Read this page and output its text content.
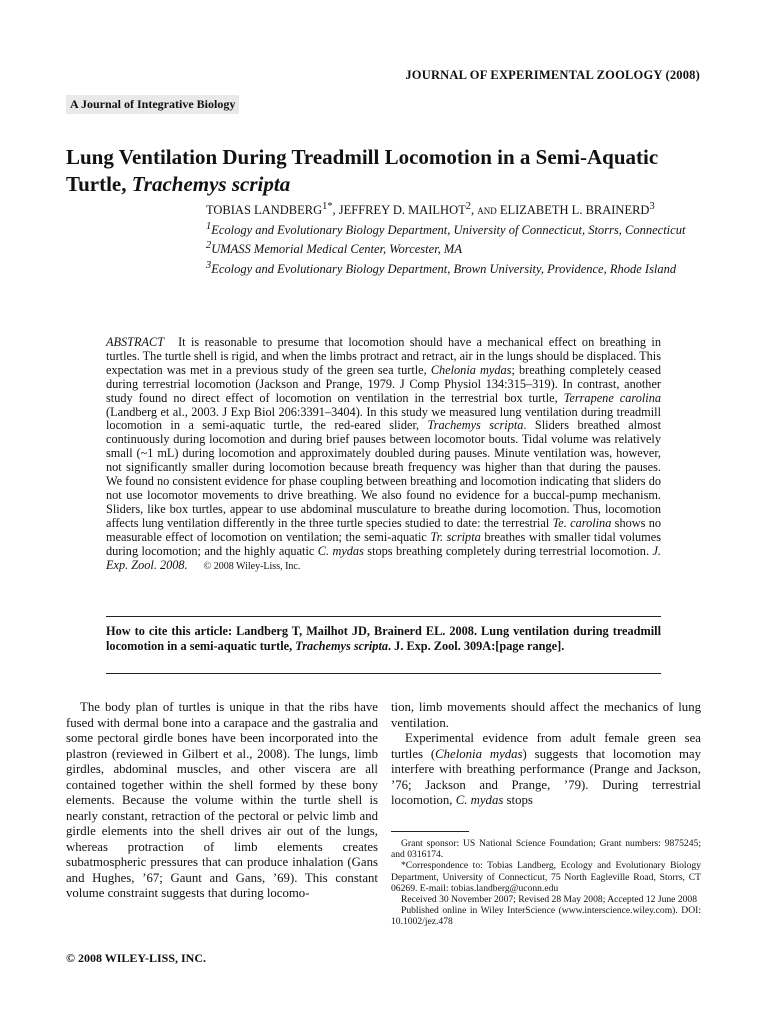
JOURNAL OF EXPERIMENTAL ZOOLOGY (2008)
A Journal of Integrative Biology
Lung Ventilation During Treadmill Locomotion in a Semi-Aquatic Turtle, Trachemys scripta
TOBIAS $LANDBERG^{1*}$, JEFFREY D. MAILHOT$^2$, and ELIZABETH L. BRAINERD$^3$
$^1$Ecology and Evolutionary Biology Department, University of Connecticut, Storrs, Connecticut
$^2$UMASS Memorial Medical Center, Worcester, MA
$^3$Ecology and Evolutionary Biology Department, Brown University, Providence, Rhode Island
ABSTRACT It is reasonable to presume that locomotion should have a mechanical effect on breathing in turtles. The turtle shell is rigid, and when the limbs protract and retract, air in the lungs should be displaced. This expectation was met in a previous study of the green sea turtle, Chelonia mydas; breathing completely ceased during terrestrial locomotion (Jackson and Prange, 1979. J Comp Physiol 134:315–319). In contrast, another study found no direct effect of locomotion on ventilation in the terrestrial box turtle, Terrapene carolina (Landberg et al., 2003. J Exp Biol 206:3391–3404). In this study we measured lung ventilation during treadmill locomotion in a semi-aquatic turtle, the red-eared slider, Trachemys scripta. Sliders breathed almost continuously during locomotion and during brief pauses between locomotor bouts. Tidal volume was relatively small (~1 mL) during locomotion and approximately doubled during pauses. Minute ventilation was, however, not significantly smaller during locomotion because breath frequency was higher than that during the pauses. We found no consistent evidence for phase coupling between breathing and locomotion indicating that sliders do not use locomotor movements to drive breathing. We also found no evidence for a buccal-pump mechanism. Sliders, like box turtles, appear to use abdominal musculature to breathe during locomotion. Thus, locomotion affects lung ventilation differently in the three turtle species studied to date: the terrestrial Te. carolina shows no measurable effect of locomotion on ventilation; the semi-aquatic Tr. scripta breathes with smaller tidal volumes during locomotion; and the highly aquatic C. mydas stops breathing completely during terrestrial locomotion. J. Exp. Zool. 2008. © 2008 Wiley-Liss, Inc.
How to cite this article: Landberg T, Mailhot JD, Brainerd EL. 2008. Lung ventilation during treadmill locomotion in a semi-aquatic turtle, Trachemys scripta. J. Exp. Zool. 309A:[page range].

The body plan of turtles is unique in that the ribs have fused with dermal bone into a carapace and the gastralia and some pectoral girdle bones have been incorporated into the plastron (reviewed in Gilbert et al., 2008). The lungs, limb girdles, abdominal muscles, and other viscera are all contained together within the shell formed by these bony elements. Because the volume within the turtle shell is nearly constant, retraction of the pectoral or pelvic limb and girdle elements into the shell drives air out of the lungs, whereas protraction of limb elements creates subatmospheric pressures that can produce inhalation (Gans and Hughes, ’67; Gaunt and Gans, ’69). This constant volume constraint suggests that during locomo-

tion, limb movements should affect the mechanics of lung ventilation.

Experimental evidence from adult female green sea turtles (Chelonia mydas) suggests that locomotion may interfere with breathing performance (Prange and Jackson, ’76; Jackson and Prange, ’79). During terrestrial locomotion, C. mydas stops

Grant sponsor: US National Science Foundation; Grant numbers: 9875245; and 0316174.

*Correspondence to: Tobias Landberg, Ecology and Evolutionary Biology Department, University of Connecticut, 75 North Eagleville Road, Storrs, CT 06269. E-mail: tobias.landberg@uconn.edu

Received 30 November 2007; Revised 28 May 2008; Accepted 12 June 2008

Published online in Wiley InterScience (www.interscience.wiley.com). DOI: 10.1002/jez.478

© 2008 WILEY-LISS, INC.
